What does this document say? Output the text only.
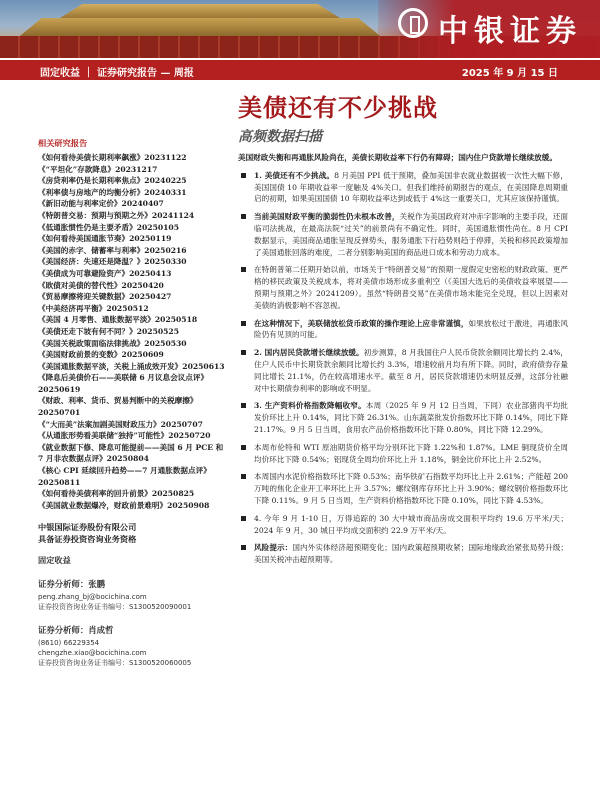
中银证券
固定收益 ｜ 证券研究报告 — 周报	2025 年 9 月 15 日
美债还有不少挑战
高频数据扫描
相关研究报告
《如何看待美债长期利率飙涨》20231122
《“平坦化”存款降息》20231217
《房贷利率仍是长期利率焦点》20240225
《利率债与房地产的均衡分析》20240331
《新旧动能与利率定价》20240407
《特朗普交易：预期与预期之外》20241124
《低通胀惯性仍是主要矛盾》20250105
《如何看待美国通胀节奏》20250119
《美国的赤字、储蓄率与利率》20250216
《美国经济：失速还是降温？》20250330
《美债成为可靠避险资产》20250413
《欧债对美债的替代性》20250420
《贸易摩擦将迎关键数据》20250427
《中美经济再平衡》20250512
《美国 4 月零售、通胀数据平淡》20250518
《美债还走下坡有何不同？》20250525
《美国关税政策面临法律挑战》20250530
《美国财政前景的变数》20250609
《美国通胀数据平淡，关税上涌成效开发》20250613
《降息后美债价石——美联储 6 月议息会议点评》20250619
《财政、利率、货币、贸易判断中的关税摩擦》20250701
《“大而美”法案加剧美国财政压力》20250707
《从通胀形势看美联储“独持”可能性》20250720
《就业数据下修、降息可能提前——美国 6 月 PCE 和 7 月非农数据点评》20250804
《核心 CPI 延续回升趋势——7 月通胀数据点评》20250811
《如何看待美债利率的回升前景》20250825
《美国就业数据爆冷，财政前景难明》20250908
中银国际证券股份有限公司
具备证券投资咨询业务资格
固定收益
证券分析师：张鹏
peng.zhang_bj@bocichina.com
证券投资咨询业务证书编号：S1300520090001
证券分析师：肖成哲
(8610) 66229354
chengzhe.xiao@bocichina.com
证券投资咨询业务证书编号：S1300520060005
美国财政失衡和再通胀风险尚在，美债长期收益率下行仍有障碍；国内住户贷款增长继续放缓。
1. 美债还有不少挑战。8 月美国 PPI 低于预期，叠加美国非农就业数据被一次性大幅下修，美国国债 10 年期收益率一度触及 4%关口。但我们维持前期报告的观点，在美国降息周期重启的初期，如果美国国债 10 年期收益率达到或低于 4%这一重要关口，尤其应该保持谨慎。
当前美国财政平衡的脆弱性仍未根本改善，关税作为美国政府对冲赤字影响的主要手段，还面临司法挑战，在最高法院“过关”的前景尚有不确定性。同时，美国通胀惯性尚在。8 月 CPI 数据显示，美国商品通胀呈现反弹势头，服务通胀下行趋势则趋于停滞，关税和移民政策增加了美国通胀回落的难度，二者分别影响美国的商品进口成本和劳动力成本。
在特朗普第二任期开始以前，市场关于“特朗普交易”的预期一度假定史密松的财政政策、更严格的移民政策及关税成本，将对美债市场形成多重利空（《美国大选后的美债收益率展望——预期与预期之外》20241209）。虽然“特朗普交易”在美债市场未能完全兑现，但以上因素对美债的消极影响不容忽视。
在这种情况下，美联储放松货币政策的操作理论上应非常谨慎，如果放松过于激进，再通胀风险仍有见顶的可能。
2. 国内居民贷款增长继续放缓。初步测算，8 月我国住户人民币贷款余额同比增长约 2.4%，住户人民币中长期贷款余额同比增长约 3.3%，增速较前月均有所下降。同时，政府债券存量同比增长 21.1%，仍在较高增速水平。截至 8 月，居民贷款增速仍未明显反弹，这部分社融对中长期债券利率的影响或不明显。
3. 生产资料价格指数降幅收窄。本周（2025 年 9 月 12 日当周，下同）农业部猪肉平均批发价环比上升 0.14%，同比下降 26.31%。山东蔬菜批发价指数环比下降 0.14%，同比下降 21.17%。9 月 5 日当周，食用农产品价格指数环比下降 0.80%，同比下降 12.29%。
本周布伦特和 WTI 原油期货价格平均分别环比下降 1.22%和 1.87%。LME 铜现货价全周均价环比下降 0.54%；铝现货全周均价环比上升 1.18%，铜金比价环比上升 2.52%。
本周国内水泥价格指数环比下降 0.53%；南华铁矿石指数平均环比上升 2.61%；产能超 200 万吨的焦化企业开工率环比上升 3.57%；螺纹钢库存环比上升 3.90%；螺纹钢价格指数环比下降 0.11%。9 月 5 日当周，生产资料价格指数环比下降 0.10%，同比下降 4.53%。
4. 今年 9 月 1-10 日，万得追踪的 30 大中城市商品房成交面积平均约 19.6 万平米/天；2024 年 9 月，30 城日平均成交面积约 22.9 万平米/天。
风险提示：国内外实体经济超预期变化；国内政策超预期收紧；国际地缘政治紧张局势升级；美国关税冲击超预期等。
